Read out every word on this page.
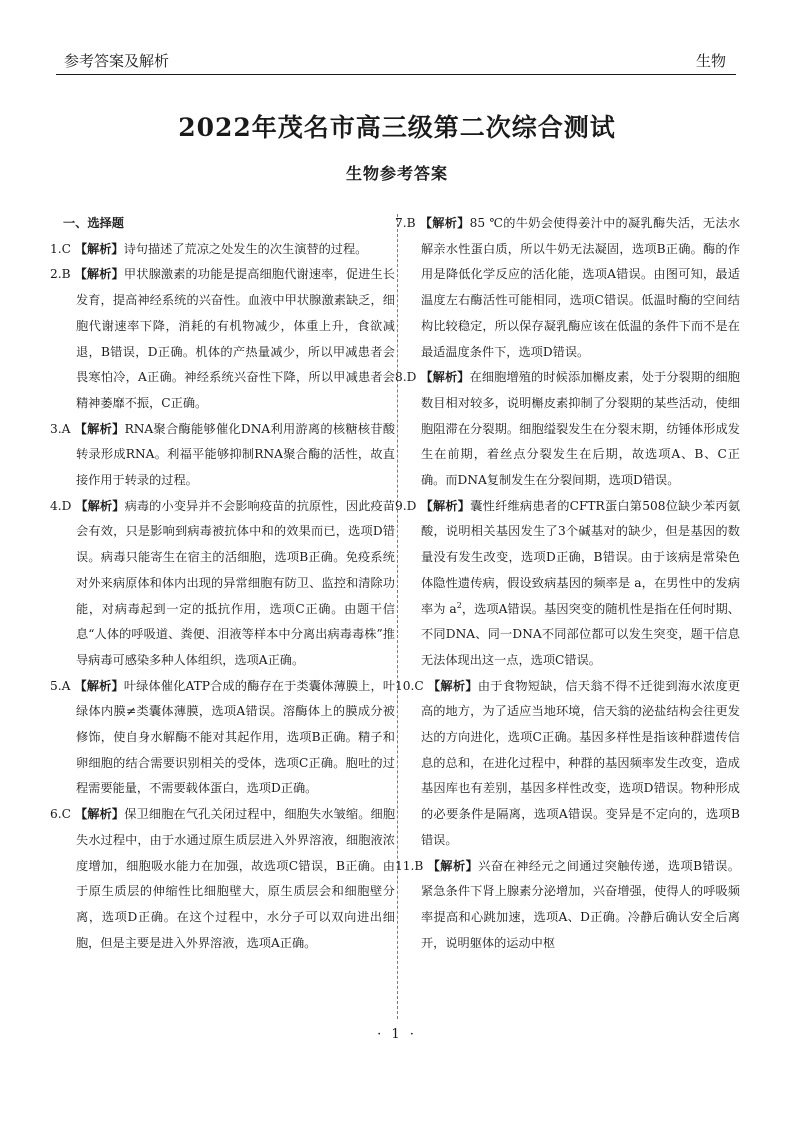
参考答案及解析	生物
2022年茂名市高三级第二次综合测试
生物参考答案
一、选择题

1.C 【解析】诗句描述了荒凉之处发生的次生演替的过程。

2.B 【解析】甲状腺激素的功能是提高细胞代谢速率，促进生长发育，提高神经系统的兴奋性。血液中甲状腺激素缺乏，细胞代谢速率下降，消耗的有机物减少，体重上升，食欲减退，B错误，D正确。机体的产热量减少，所以甲减患者会畏寒怕冷，A正确。神经系统兴奋性下降，所以甲减患者会精神萎靡不振，C正确。

3.A 【解析】RNA聚合酶能够催化DNA利用游离的核糖核苷酸转录形成RNA。利福平能够抑制RNA聚合酶的活性，故直接作用于转录的过程。

4.D 【解析】病毒的小变异并不会影响疫苗的抗原性，因此疫苗会有效，只是影响到病毒被抗体中和的效果而已，选项D错误。病毒只能寄生在宿主的活细胞，选项B正确。免疫系统对外来病原体和体内出现的异常细胞有防卫、监控和清除功能，对病毒起到一定的抵抗作用，选项C正确。由题干信息“人体的呼吸道、粪便、泪液等样本中分离出病毒毒株”推导病毒可感染多种人体组织，选项A正确。

5.A 【解析】叶绿体催化ATP合成的酶存在于类囊体薄膜上，叶绿体内膜≠类囊体薄膜，选项A错误。溶酶体上的膜成分被修饰，使自身水解酶不能对其起作用，选项B正确。精子和卵细胞的结合需要识别相关的受体，选项C正确。胞吐的过程需要能量，不需要载体蛋白，选项D正确。

6.C 【解析】保卫细胞在气孔关闭过程中，细胞失水皱缩。细胞失水过程中，由于水通过原生质层进入外界溶液，细胞液浓度增加，细胞吸水能力在加强，故选项C错误，B正确。由于原生质层的伸缩性比细胞壁大，原生质层会和细胞壁分离，选项D正确。在这个过程中，水分子可以双向进出细胞，但是主要是进入外界溶液，选项A正确。

7.B 【解析】85 ℃的牛奶会使得姜汁中的凝乳酶失活，无法水解亲水性蛋白质，所以牛奶无法凝固，选项B正确。酶的作用是降低化学反应的活化能，选项A错误。由图可知，最适温度左右酶活性可能相同，选项C错误。低温时酶的空间结构比较稳定，所以保存凝乳酶应该在低温的条件下而不是在最适温度条件下，选项D错误。

8.D 【解析】在细胞增殖的时候添加槲皮素，处于分裂期的细胞数目相对较多，说明槲皮素抑制了分裂期的某些活动，使细胞阻滞在分裂期。细胞缢裂发生在分裂末期，纺锤体形成发生在前期，着丝点分裂发生在后期，故选项A、B、C正确。而DNA复制发生在分裂间期，选项D错误。

9.D 【解析】囊性纤维病患者的CFTR蛋白第508位缺少苯丙氨酸，说明相关基因发生了3个碱基对的缺少，但是基因的数量没有发生改变，选项D正确，B错误。由于该病是常染色体隐性遗传病，假设致病基因的频率是 a，在男性中的发病率为 $a^2$，选项A错误。基因突变的随机性是指在任何时期、不同DNA、同一DNA不同部位都可以发生突变，题干信息无法体现出这一点，选项C错误。

10.C 【解析】由于食物短缺，信天翁不得不迁徙到海水浓度更高的地方，为了适应当地环境，信天翁的泌盐结构会往更发达的方向进化，选项C正确。基因多样性是指该种群遗传信息的总和，在进化过程中，种群的基因频率发生改变，造成基因库也有差别，基因多样性改变，选项D错误。物种形成的必要条件是隔离，选项A错误。变异是不定向的，选项B错误。

11.B 【解析】兴奋在神经元之间通过突触传递，选项B错误。紧急条件下肾上腺素分泌增加，兴奋增强，使得人的呼吸频率提高和心跳加速，选项A、D正确。冷静后确认安全后离开，说明躯体的运动中枢

· 1 ·
